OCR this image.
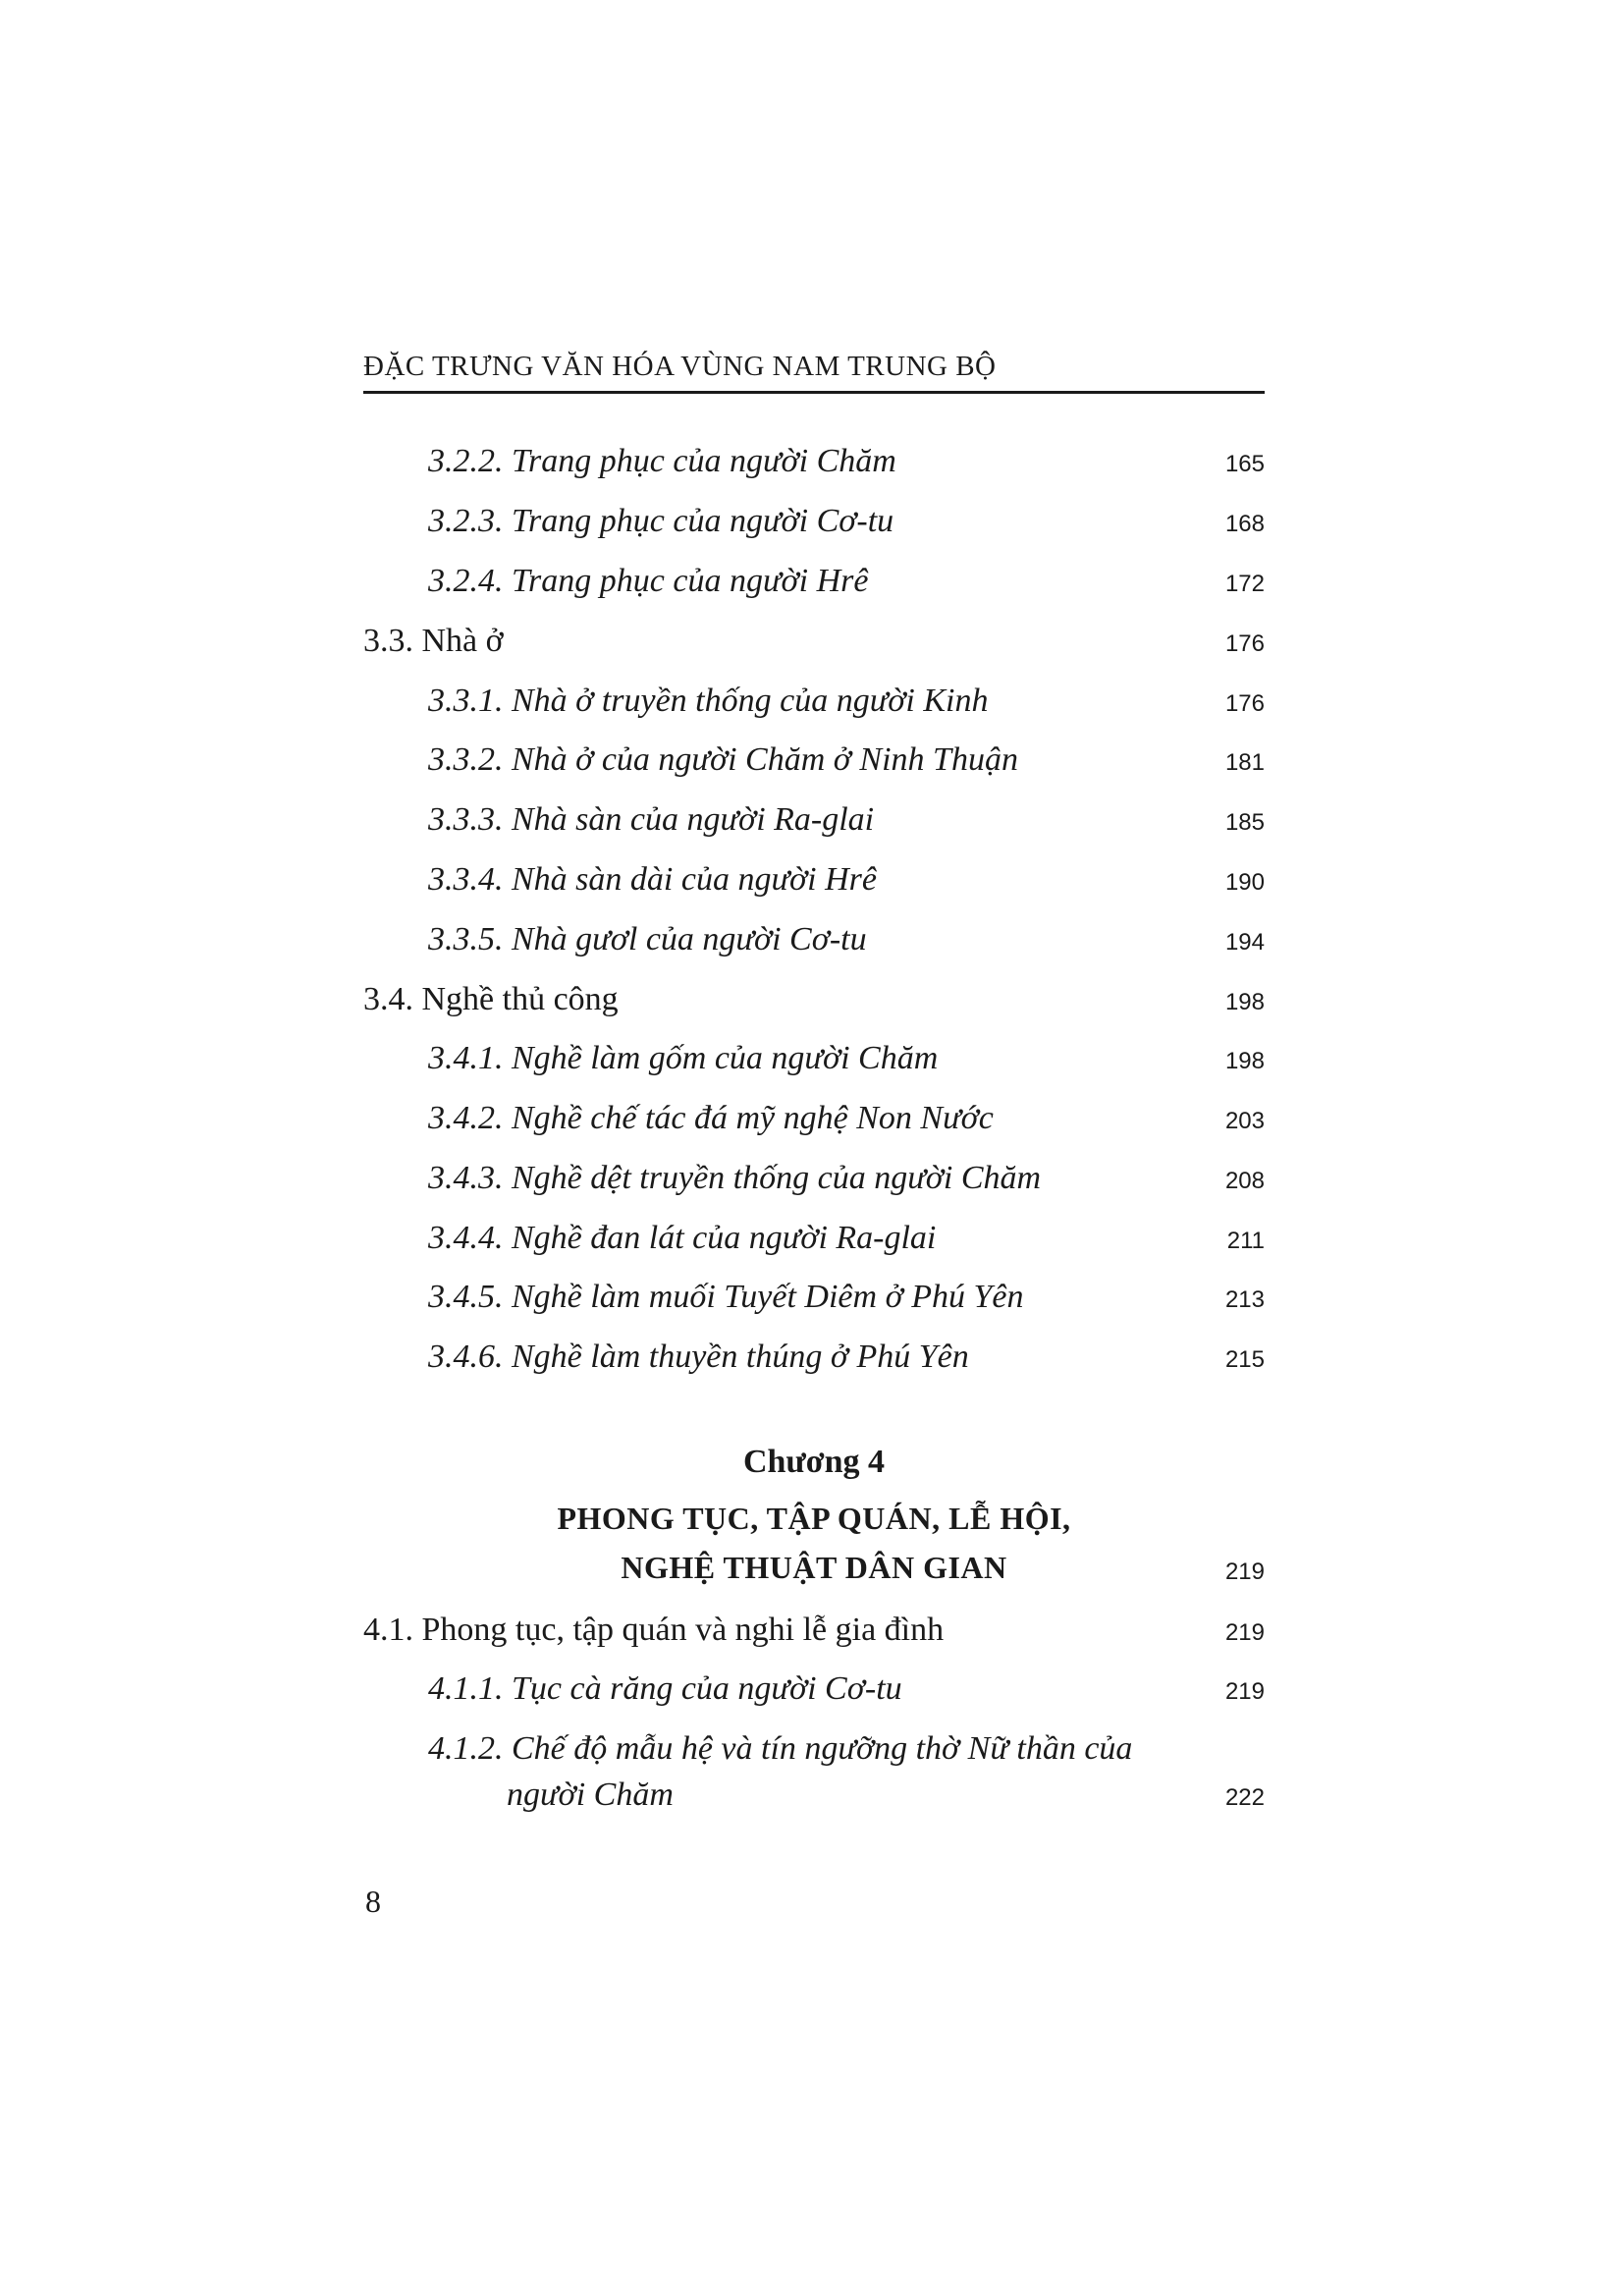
ĐẶC TRƯNG VĂN HÓA VÙNG NAM TRUNG BỘ
3.2.2. Trang phục của người Chăm	165
3.2.3. Trang phục của người Cơ-tu	168
3.2.4. Trang phục của người Hrê	172
3.3. Nhà ở	176
3.3.1. Nhà ở truyền thống của người Kinh	176
3.3.2. Nhà ở của người Chăm ở Ninh Thuận	181
3.3.3. Nhà sàn của người Ra-glai	185
3.3.4. Nhà sàn dài của người Hrê	190
3.3.5. Nhà gươl của người Cơ-tu	194
3.4. Nghề thủ công	198
3.4.1. Nghề làm gốm của người Chăm	198
3.4.2. Nghề chế tác đá mỹ nghệ Non Nước	203
3.4.3. Nghề dệt truyền thống của người Chăm	208
3.4.4. Nghề đan lát của người Ra-glai	211
3.4.5. Nghề làm muối Tuyết Diêm ở Phú Yên	213
3.4.6. Nghề làm thuyền thúng ở Phú Yên	215
Chương 4
PHONG TỤC, TẬP QUÁN, LỄ HỘI,
NGHỆ THUẬT DÂN GIAN	219
4.1. Phong tục, tập quán và nghi lễ gia đình	219
4.1.1. Tục cà răng của người Cơ-tu	219
4.1.2. Chế độ mẫu hệ và tín ngưỡng thờ Nữ thần của
người Chăm	222
8
